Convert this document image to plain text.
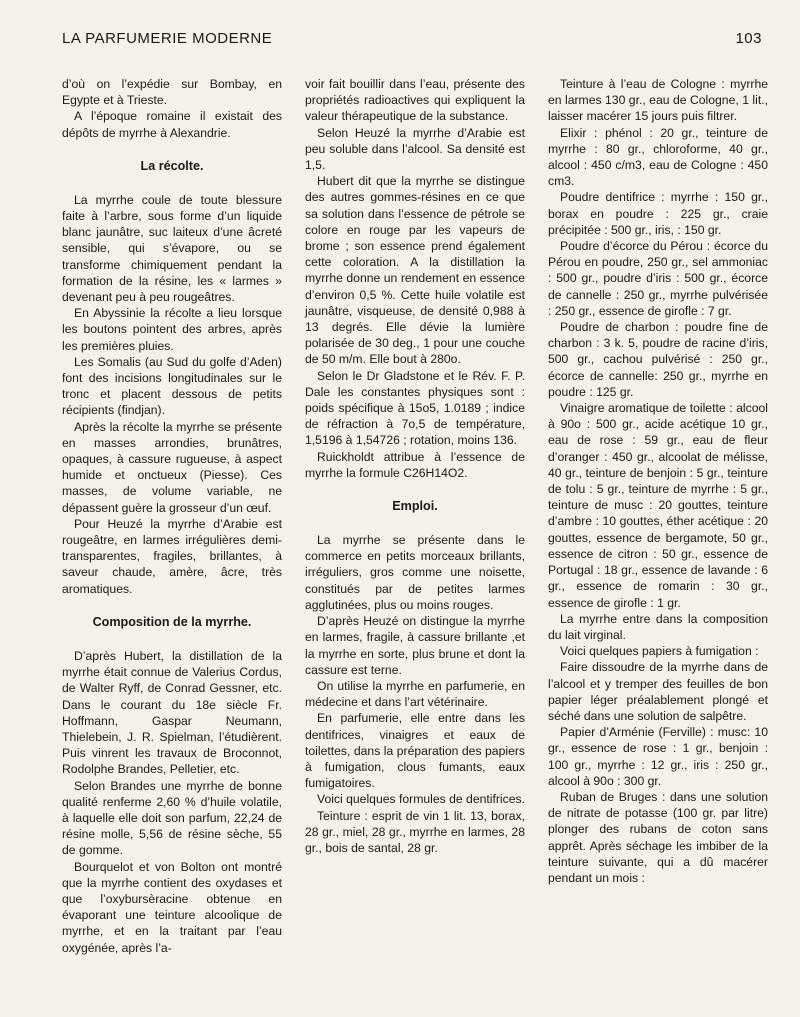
LA PARFUMERIE MODERNE	103

d’où on l’expédie sur Bombay, en Egypte et à Trieste.

A l’époque romaine il existait des dépôts de myrrhe à Alexandrie.

La récolte.

La myrrhe coule de toute blessure faite à l’arbre, sous forme d’un liquide blanc jaunâtre, suc laiteux d’une âcreté sensible, qui s’évapore, ou se transforme chimiquement pendant la formation de la résine, les « larmes » devenant peu à peu rougeâtres.

En Abyssinie la récolte a lieu lorsque les boutons pointent des arbres, après les premières pluies.

Les Somalis (au Sud du golfe d’Aden) font des incisions longitudinales sur le tronc et placent dessous de petits récipients (findjan).

Après la récolte la myrrhe se présente en masses arrondies, brunâtres, opaques, à cassure rugueuse, à aspect humide et onctueux (Piesse). Ces masses, de volume variable, ne dépassent guère la grosseur d’un œuf.

Pour Heuzé la myrrhe d’Arabie est rougeâtre, en larmes irrégulières demi-transparentes, fragiles, brillantes, à saveur chaude, amère, âcre, très aromatiques.

Composition de la myrrhe.

D’après Hubert, la distillation de la myrrhe était connue de Valerius Cordus, de Walter Ryff, de Conrad Gessner, etc. Dans le courant du 18e siècle Fr. Hoffmann, Gaspar Neumann, Thielebein, J. R. Spielman, l’étudièrent. Puis vinrent les travaux de Broconnot, Rodolphe Brandes, Pelletier, etc.

Selon Brandes une myrrhe de bonne qualité renferme 2,60 % d’huile volatile, à laquelle elle doit son parfum, 22,24 de résine molle, 5,56 de résine sèche, 55 de gomme.

Bourquelot et von Bolton ont montré que la myrrhe contient des oxydases et que l’oxybursèracine obtenue en évaporant une teinture alcoolique de myrrhe, et en la traitant par l’eau oxygénée, après l’a-

voir fait bouillir dans l’eau, présente des propriétés radioactives qui expliquent la valeur thérapeutique de la substance.

Selon Heuzé la myrrhe d’Arabie est peu soluble dans l’alcool. Sa densité est 1,5.

Hubert dit que la myrrhe se distingue des autres gommes-résines en ce que sa solution dans l’essence de pétrole se colore en rouge par les vapeurs de brome ; son essence prend également cette coloration. A la distillation la myrrhe donne un rendement en essence d’environ 0,5 %. Cette huile volatile est jaunâtre, visqueuse, de densité 0,988 à 13 degrés. Elle dévie la lumière polarisée de 30 deg., 1 pour une couche de 50 m/m. Elle bout à 280o.

Selon le Dr Gladstone et le Rév. F. P. Dale les constantes physiques sont : poids spécifique à 15o5, 1.0189 ; indice de réfraction à 7o,5 de température, 1,5196 à 1,54726 ; rotation, moins 136.

Ruickholdt attribue à l’essence de myrrhe la formule C26H14O2.

Emploi.

La myrrhe se présente dans le commerce en petits morceaux brillants, irréguliers, gros comme une noisette, constitués par de petites larmes agglutinées, plus ou moins rouges.

D’après Heuzé on distingue la myrrhe en larmes, fragile, à cassure brillante ,et la myrrhe en sorte, plus brune et dont la cassure est terne.

On utilise la myrrhe en parfumerie, en médecine et dans l’art vétérinaire.

En parfumerie, elle entre dans les dentifrices, vinaigres et eaux de toilettes, dans la préparation des papiers à fumigation, clous fumants, eaux fumigatoires.

Voici quelques formules de dentifrices.

Teinture : esprit de vin 1 lit. 13, borax, 28 gr., miel, 28 gr., myrrhe en larmes, 28 gr., bois de santal, 28 gr.

Teinture à l’eau de Cologne : myrrhe en larmes 130 gr., eau de Cologne, 1 lit., laisser macérer 15 jours puis filtrer.

Elixir : phénol : 20 gr., teinture de myrrhe : 80 gr., chloroforme, 40 gr., alcool : 450 c/m3, eau de Cologne : 450 cm3.

Poudre dentifrice : myrrhe : 150 gr., borax en poudre : 225 gr., craie précipitée : 500 gr., iris, : 150 gr.

Poudre d’écorce du Pérou : écorce du Pérou en poudre, 250 gr., sel ammoniac : 500 gr., poudre d’iris : 500 gr., écorce de cannelle : 250 gr., myrrhe pulvérisée : 250 gr., essence de girofle : 7 gr.

Poudre de charbon : poudre fine de charbon : 3 k. 5, poudre de racine d’iris, 500 gr., cachou pulvérisé : 250 gr., écorce de cannelle: 250 gr., myrrhe en poudre : 125 gr.

Vinaigre aromatique de toilette : alcool à 90o : 500 gr., acide acétique 10 gr., eau de rose : 59 gr., eau de fleur d’oranger : 450 gr., alcoolat de mélisse, 40 gr., teinture de benjoin : 5 gr., teinture de tolu : 5 gr., teinture de myrrhe : 5 gr., teinture de musc : 20 gouttes, teinture d’ambre : 10 gouttes, éther acétique : 20 gouttes, essence de bergamote, 50 gr., essence de citron : 50 gr., essence de Portugal : 18 gr., essence de lavande : 6 gr., essence de romarin : 30 gr., essence de girofle : 1 gr.

La myrrhe entre dans la composition du lait virginal.

Voici quelques papiers à fumigation :

Faire dissoudre de la myrrhe dans de l’alcool et y tremper des feuilles de bon papier léger préalablement plongé et séché dans une solution de salpêtre.

Papier d’Arménie (Ferville) : musc: 10 gr., essence de rose : 1 gr., benjoin : 100 gr., myrrhe : 12 gr., iris : 250 gr., alcool à 90o : 300 gr.

Ruban de Bruges : dans une solution de nitrate de potasse (100 gr. par litre) plonger des rubans de coton sans apprêt. Après séchage les imbiber de la teinture suivante, qui a dû macérer pendant un mois :
